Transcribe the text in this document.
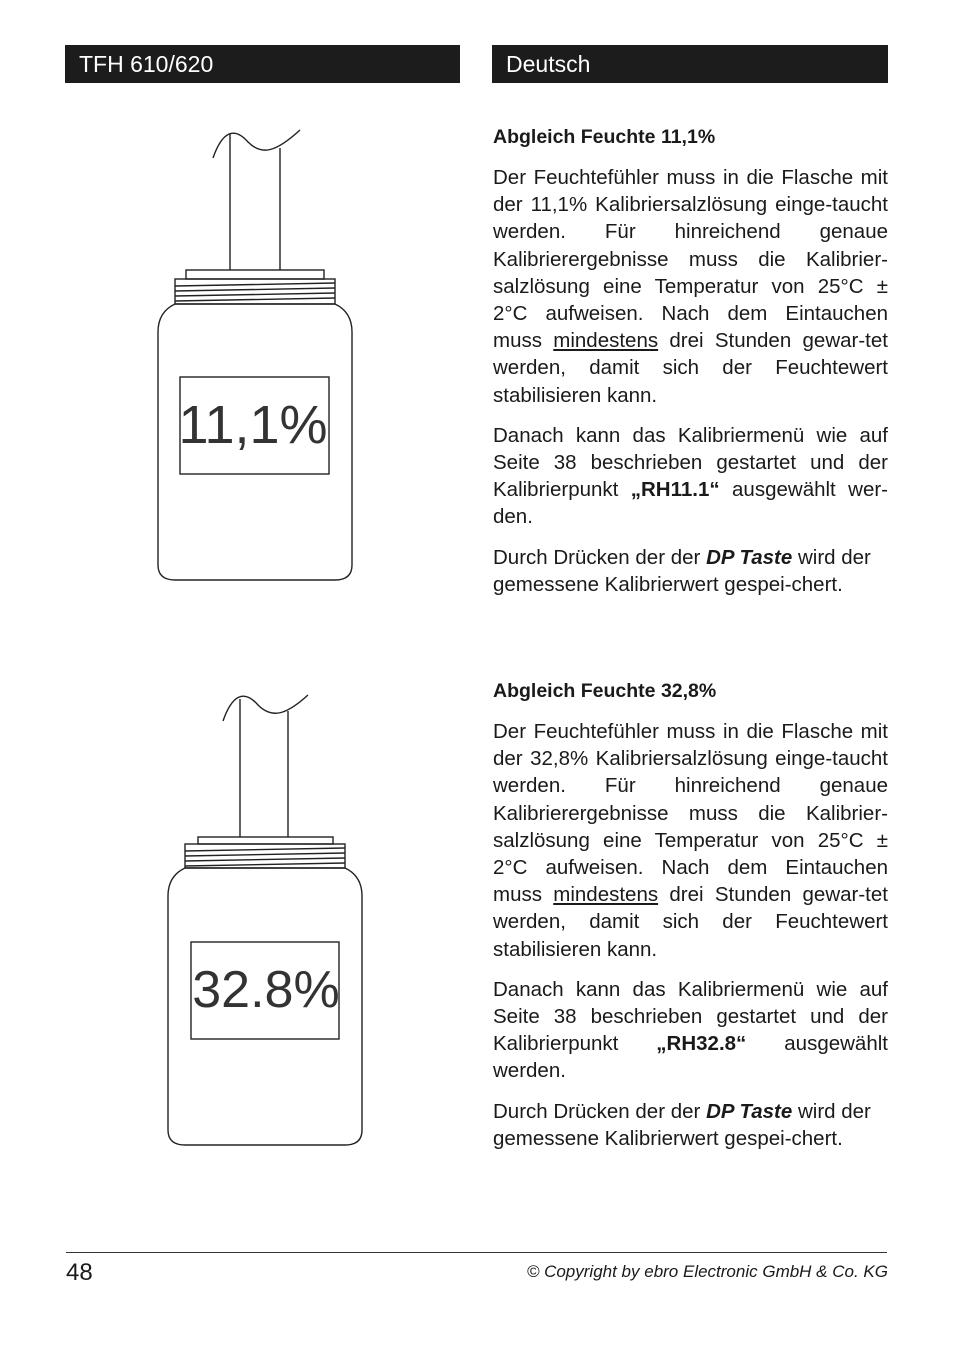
TFH 610/620	Deutsch
11,1%
32.8%
Abgleich Feuchte 11,1%

Der Feuchtefühler muss in die Flasche mit der 11,1% Kalibriersalzlösung einge-taucht werden. Für hinreichend genaue Kalibrierergebnisse muss die Kalibrier-salzlösung eine Temperatur von 25°C ± 2°C aufweisen. Nach dem Eintauchen muss mindestens drei Stunden gewar-tet werden, damit sich der Feuchtewert stabilisieren kann.

Danach kann das Kalibriermenü wie auf Seite 38 beschrieben gestartet und der Kalibrierpunkt „RH11.1“ ausgewählt wer-den.

Durch Drücken der der DP Taste wird der gemessene Kalibrierwert gespei-chert.

Abgleich Feuchte 32,8%

Der Feuchtefühler muss in die Flasche mit der 32,8% Kalibriersalzlösung einge-taucht werden. Für hinreichend genaue Kalibrierergebnisse muss die Kalibrier-salzlösung eine Temperatur von 25°C ± 2°C aufweisen. Nach dem Eintauchen muss mindestens drei Stunden gewar-tet werden, damit sich der Feuchtewert stabilisieren kann.

Danach kann das Kalibriermenü wie auf Seite 38 beschrieben gestartet und der Kalibrierpunkt „RH32.8“ ausgewählt werden.

Durch Drücken der der DP Taste wird der gemessene Kalibrierwert gespei-chert.

48	© Copyright by ebro Electronic GmbH & Co. KG
